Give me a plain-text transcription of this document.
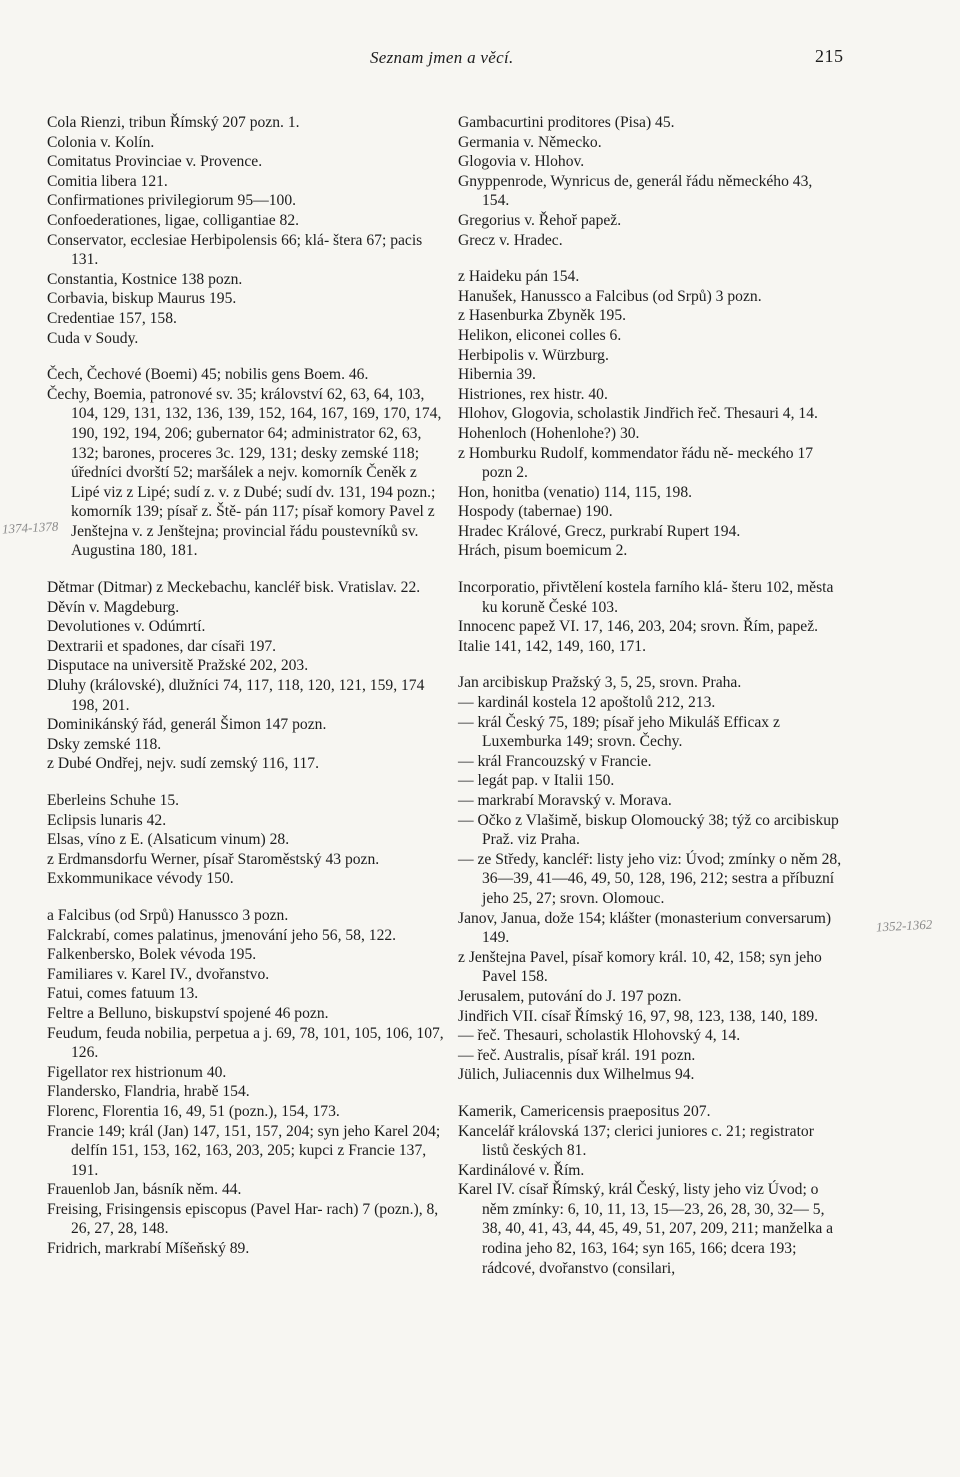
Seznam jmen a věcí.	215
Cola Rienzi, tribun Římský 207 pozn. 1.
Colonia v. Kolín.
Comitatus Provinciae v. Provence.
Comitia libera 121.
Confirmationes privilegiorum 95—100.
Confoederationes, ligae, colligantiae 82.
Conservator, ecclesiae Herbipolensis 66; klá- štera 67; pacis 131.
Constantia, Kostnice 138 pozn.
Corbavia, biskup Maurus 195.
Credentiae 157, 158.
Cuda v Soudy.
Čech, Čechové (Boemi) 45; nobilis gens Boem. 46.
Čechy, Boemia, patronové sv. 35; království 62, 63, 64, 103, 104, 129, 131, 132, 136, 139, 152, 164, 167, 169, 170, 174, 190, 192, 194, 206; gubernator 64; administrator 62, 63, 132; barones, proceres 3c. 129, 131; desky zemské 118; úředníci dvorští 52; maršálek a nejv. komorník Čeněk z Lipé viz z Lipé; sudí z. v. z Dubé; sudí dv. 131, 194 pozn.; komorník 139; písař z. Ště- pán 117; písař komory Pavel z Jenštejna v. z Jenštejna; provincial řádu poustevníků sv. Augustina 180, 181.
Dětmar (Ditmar) z Meckebachu, kancléř bisk. Vratislav. 22.
Děvín v. Magdeburg.
Devolutiones v. Odúmrtí.
Dextrarii et spadones, dar císaři 197.
Disputace na universitě Pražské 202, 203.
Dluhy (královské), dlužníci 74, 117, 118, 120, 121, 159, 174 198, 201.
Dominikánský řád, generál Šimon 147 pozn.
Dsky zemské 118.
z Dubé Ondřej, nejv. sudí zemský 116, 117.
Eberleins Schuhe 15.
Eclipsis lunaris 42.
Elsas, víno z E. (Alsaticum vinum) 28.
z Erdmansdorfu Werner, písař Staroměstský 43 pozn.
Exkommunikace vévody 150.
a Falcibus (od Srpů) Hanussco 3 pozn.
Falckrabí, comes palatinus, jmenování jeho 56, 58, 122.
Falkenbersko, Bolek vévoda 195.
Familiares v. Karel IV., dvořanstvo.
Fatui, comes fatuum 13.
Feltre a Belluno, biskupství spojené 46 pozn.
Feudum, feuda nobilia, perpetua a j. 69, 78, 101, 105, 106, 107, 126.
Figellator rex histrionum 40.
Flandersko, Flandria, hrabě 154.
Florenc, Florentia 16, 49, 51 (pozn.), 154, 173.
Francie 149; král (Jan) 147, 151, 157, 204; syn jeho Karel 204; delfín 151, 153, 162, 163, 203, 205; kupci z Francie 137, 191.
Frauenlob Jan, básník něm. 44.
Freising, Frisingensis episcopus (Pavel Har- rach) 7 (pozn.), 8, 26, 27, 28, 148.
Fridrich, markrabí Míšeňský 89.
Gambacurtini proditores (Pisa) 45.
Germania v. Německo.
Glogovia v. Hlohov.
Gnyppenrode, Wynricus de, generál řádu německého 43, 154.
Gregorius v. Řehoř papež.
Grecz v. Hradec.
z Haideku pán 154.
Hanušek, Hanussco a Falcibus (od Srpů) 3 pozn.
z Hasenburka Zbyněk 195.
Helikon, eliconei colles 6.
Herbipolis v. Würzburg.
Hibernia 39.
Histriones, rex histr. 40.
Hlohov, Glogovia, scholastik Jindřich řeč. Thesauri 4, 14.
Hohenloch (Hohenlohe?) 30.
z Homburku Rudolf, kommendator řádu ně- meckého 17 pozn 2.
Hon, honitba (venatio) 114, 115, 198.
Hospody (tabernae) 190.
Hradec Králové, Grecz, purkrabí Rupert 194.
Hrách, pisum boemicum 2.
Incorporatio, přivtělení kostela farního klá- šteru 102, města ku koruně České 103.
Innocenc papež VI. 17, 146, 203, 204; srovn. Řím, papež.
Italie 141, 142, 149, 160, 171.
Jan arcibiskup Pražský 3, 5, 25, srovn. Praha.
— kardinál kostela 12 apoštolů 212, 213.
— král Český 75, 189; písař jeho Mikuláš Efficax z Luxemburka 149; srovn. Čechy.
— král Francouzský v Francie.
— legát pap. v Italii 150.
— markrabí Moravský v. Morava.
— Očko z Vlašimě, biskup Olomoucký 38; týž co arcibiskup Praž. viz Praha.
— ze Středy, kancléř: listy jeho viz: Úvod; zmínky o něm 28, 36—39, 41—46, 49, 50, 128, 196, 212; sestra a příbuzní jeho 25, 27; srovn. Olomouc.
Janov, Janua, dože 154; klášter (monasterium conversarum) 149.
z Jenštejna Pavel, písař komory král. 10, 42, 158; syn jeho Pavel 158.
Jerusalem, putování do J. 197 pozn.
Jindřich VII. císař Římský 16, 97, 98, 123, 138, 140, 189.
— řeč. Thesauri, scholastik Hlohovský 4, 14.
— řeč. Australis, písař král. 191 pozn.
Jülich, Juliacennis dux Wilhelmus 94.
Kamerik, Camericensis praepositus 207.
Kancelář královská 137; clerici juniores c. 21; registrator listů českých 81.
Kardinálové v. Řím.
Karel IV. císař Římský, král Český, listy jeho viz Úvod; o něm zmínky: 6, 10, 11, 13, 15—23, 26, 28, 30, 32— 5, 38, 40, 41, 43, 44, 45, 49, 51, 207, 209, 211; manželka a rodina jeho 82, 163, 164; syn 165, 166; dcera 193; rádcové, dvořanstvo (consilari,
1374-1378
1352-1362
